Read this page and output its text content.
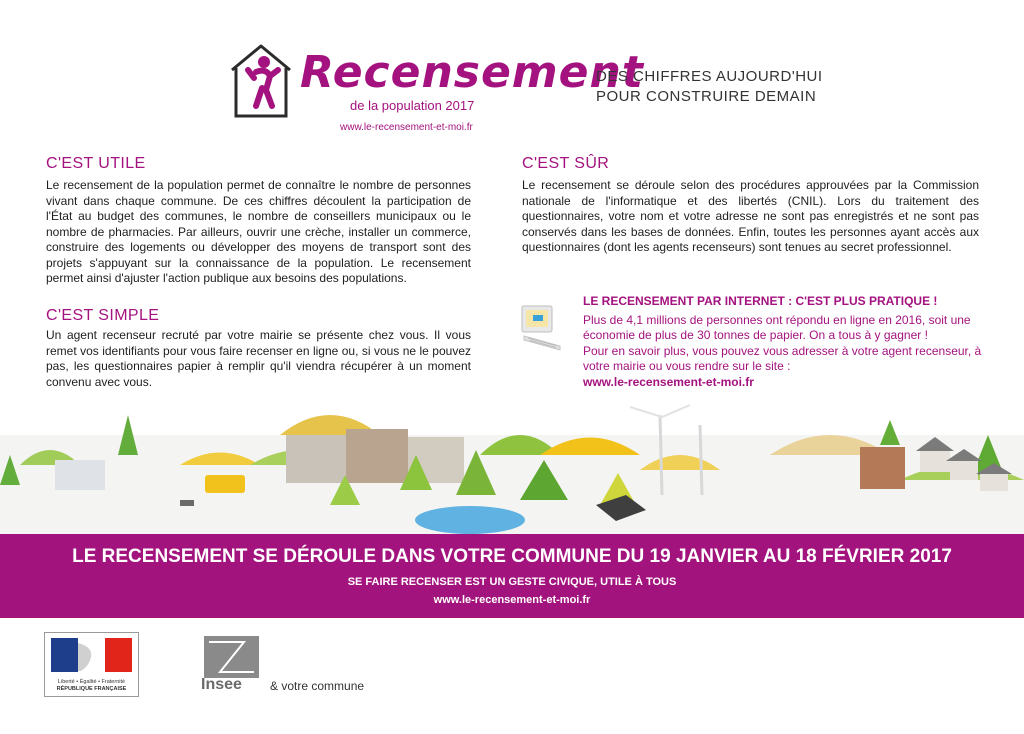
Recensement
de la population 2017
www.le-recensement-et-moi.fr
DES CHIFFRES AUJOURD'HUI
POUR CONSTRUIRE DEMAIN
C'EST UTILE
Le recensement de la population permet de connaître le nombre de personnes vivant dans chaque commune. De ces chiffres découlent la participation de l'État au budget des communes, le nombre de conseillers municipaux ou le nombre de pharmacies. Par ailleurs, ouvrir une crèche, installer un commerce, construire des logements ou développer des moyens de transport sont des projets s'appuyant sur la connaissance de la population. Le recensement permet ainsi d'ajuster l'action publique aux besoins des populations.
C'EST SIMPLE
Un agent recenseur recruté par votre mairie se présente chez vous. Il vous remet vos identifiants pour vous faire recenser en ligne ou, si vous ne le pouvez pas, les questionnaires papier à remplir qu'il viendra récupérer à un moment convenu avec vous.
C'EST SÛR
Le recensement se déroule selon des procédures approuvées par la Commission nationale de l'informatique et des libertés (CNIL). Lors du traitement des questionnaires, votre nom et votre adresse ne sont pas enregistrés et ne sont pas conservés dans les bases de données. Enfin, toutes les personnes ayant accès aux questionnaires (dont les agents recenseurs) sont tenues au secret professionnel.
LE RECENSEMENT PAR INTERNET : C'EST PLUS PRATIQUE !
Plus de 4,1 millions de personnes ont répondu en ligne en 2016, soit une économie de plus de 30 tonnes de papier. On a tous à y gagner !
Pour en savoir plus, vous pouvez vous adresser à votre agent recenseur, à votre mairie ou vous rendre sur le site :
www.le-recensement-et-moi.fr
LE RECENSEMENT SE DÉROULE DANS VOTRE COMMUNE DU 19 JANVIER AU 18 FÉVRIER 2017
SE FAIRE RECENSER EST UN GESTE CIVIQUE, UTILE À TOUS
www.le-recensement-et-moi.fr
Liberté • Égalité • Fraternité
RÉPUBLIQUE FRANÇAISE	Insee & votre commune
